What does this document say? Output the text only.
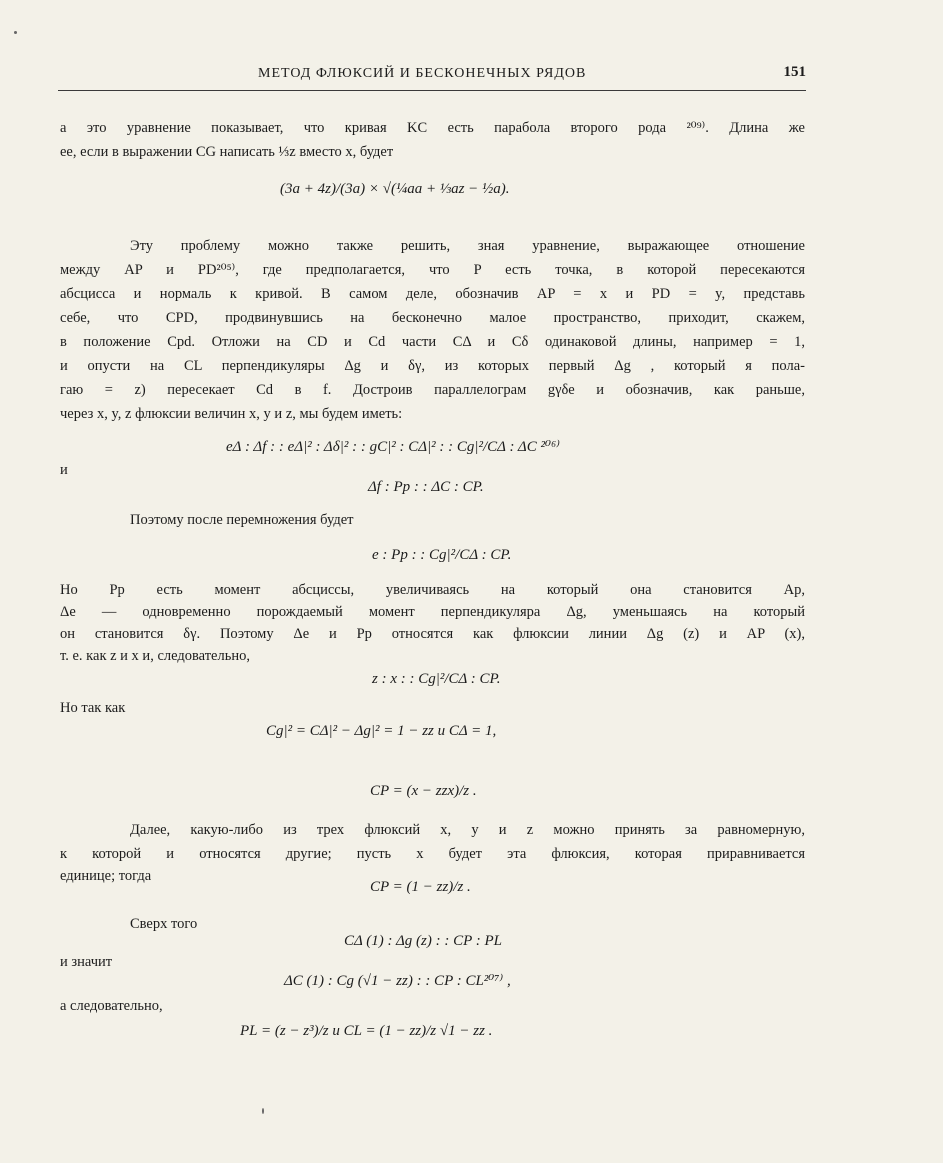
МЕТОД ФЛЮКСИЙ И БЕСКОНЕЧНЫХ РЯДОВ	151
а это уравнение показывает, что кривая KC есть парабола второго рода ²⁰⁹⁾. Длина же
ее, если в выражении CG написать ⅓z вместо x, будет
(3a + 4z)/(3a) × √(¼aa + ⅓az − ½a).
Эту проблему можно также решить, зная уравнение, выражающее отношение
между AP и PD²⁰⁵⁾, где предполагается, что P есть точка, в которой пересекаются
абсцисса и нормаль к кривой. В самом деле, обозначив AP = x и PD = y, представь
себе, что CPD, продвинувшись на бесконечно малое пространство, приходит, скажем,
в положение Cpd. Отложи на CD и Cd части CΔ и Cδ одинаковой длины, например = 1,
и опусти на CL перпендикуляры Δg и δγ, из которых первый Δg , который я пола-
гаю = z) пересекает Cd в f. Достроив параллелограм gγδe и обозначив, как раньше,
через x, y, z флюксии величин x, y и z, мы будем иметь:
eΔ : Δf : : eΔ|² : Δδ|² : : gC|² : CΔ|² : : Cg|²/CΔ : ΔC ²⁰⁶⁾
и
Δf : Pp : : ΔC : CP.
Поэтому после перемножения будет
e : Pp : : Cg|²/CΔ : CP.
Но Pp есть момент абсциссы, увеличиваясь на который она становится Ap,
Δe — одновременно порождаемый момент перпендикуляра Δg, уменьшаясь на который
он становится δγ. Поэтому Δe и Pp относятся как флюксии линии Δg (z) и AP (x),
т. е. как z и x и, следовательно,
z : x : : Cg|²/CΔ : CP.
Но так как
Cg|² = CΔ|² − Δg|² = 1 − zz и CΔ = 1,
CP = (x − zzx)/z .
Далее, какую-либо из трех флюксий x, y и z можно принять за равномерную,
к которой и относятся другие; пусть x будет эта флюксия, которая приравнивается
единице; тогда
CP = (1 − zz)/z .
Сверх того
CΔ (1) : Δg (z) : : CP : PL
и значит
ΔC (1) : Cg (√1 − zz) : : CP : CL²⁰⁷⁾ ,
а следовательно,
PL = (z − z³)/z и CL = (1 − zz)/z √1 − zz .
